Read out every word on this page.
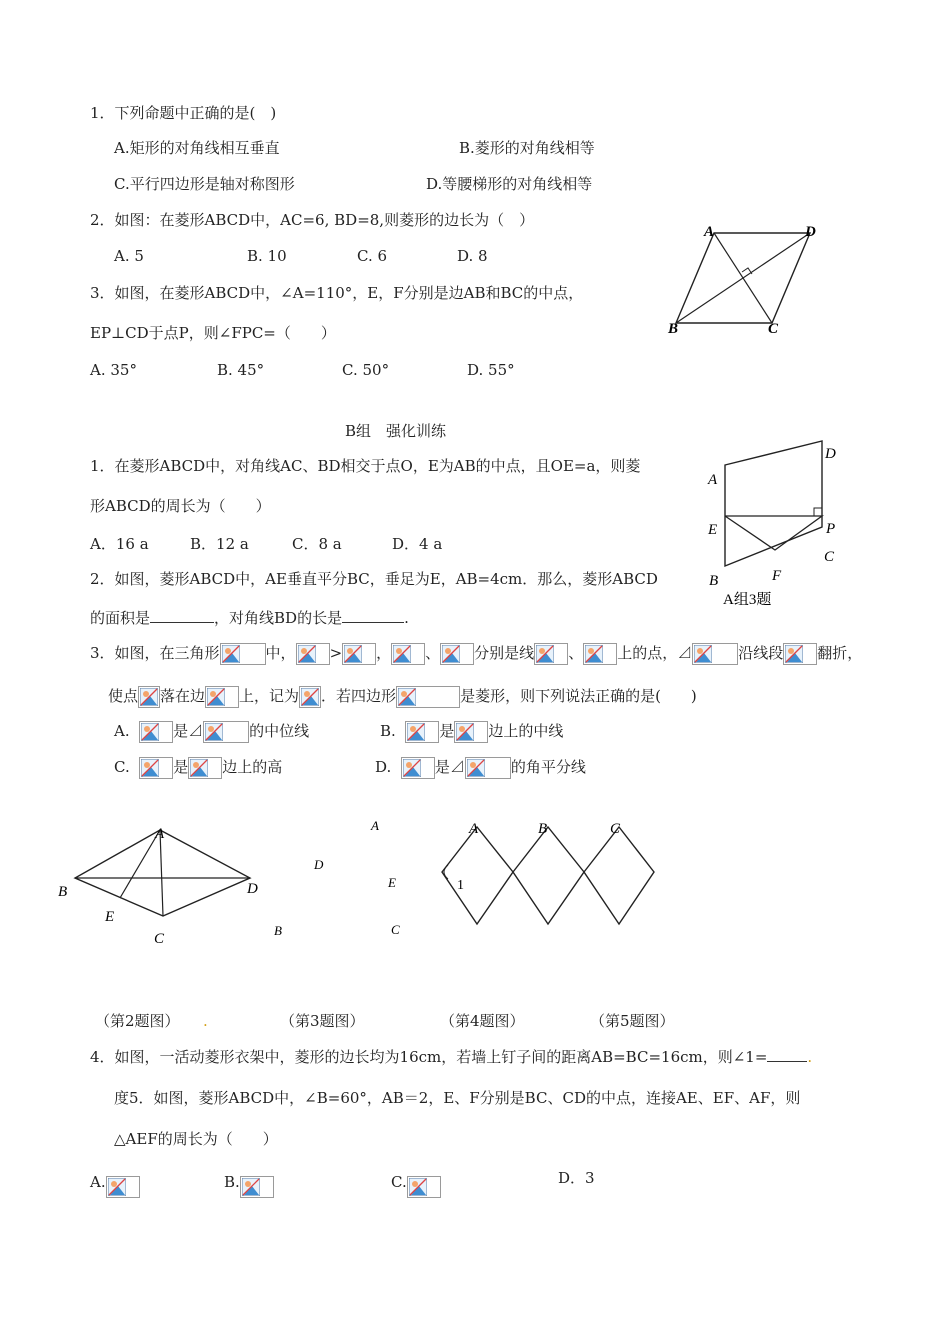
1．下列命题中正确的是(　)
A.矩形的对角线相互垂直	B.菱形的对角线相等
C.平行四边形是轴对称图形	D.等腰梯形的对角线相等
2．如图：在菱形ABCD中，AC=6, BD=8,则菱形的边长为（　）
A. 5	B. 10	C. 6	D. 8
3．如图，在菱形ABCD中，∠A=110°，E，F分别是边AB和BC的中点，
EP⊥CD于点P，则∠FPC=（　　）
A. 35°	B. 45°	C. 50°	D. 55°
A	D
B	C
D
A
E	P
C
B	F
A组3题
B组　强化训练
1．在菱形ABCD中，对角线AC、BD相交于点O，E为AB的中点，且OE=a，则菱
形ABCD的周长为（　　）
A．16 a	B．12 a	C．8 a	D．4 a
2．如图，菱形ABCD中，AE垂直平分BC，垂足为E，AB=4cm．那么，菱形ABCD
的面积是	，对角线BD的长是	.
3．如图，在三角形	中， > ， 、 分别是线 、 上的点，⊿	沿线段 翻折，
使点 落在边 上，记为 ．若四边形	是菱形，则下列说法正确的是(　　)
A.	是⊿	的中位线	B.	是 边上的中线
C.	是 边上的高	D.	是⊿	的角平分线
A
B	D
E
C
A
D
E
B	C
A	B	C
1
（第2题图） .	（第3题图）	（第4题图）	（第5题图）
4．如图，一活动菱形衣架中，菱形的边长均为16cm，若墙上钉子间的距离AB=BC=16cm，则∠1=	.
度5．如图，菱形ABCD中，∠B=60°，AB＝2，E、F分别是BC、CD的中点，连接AE、EF、AF，则
△AEF的周长为（　　）
A.	B.	C.	D．3
